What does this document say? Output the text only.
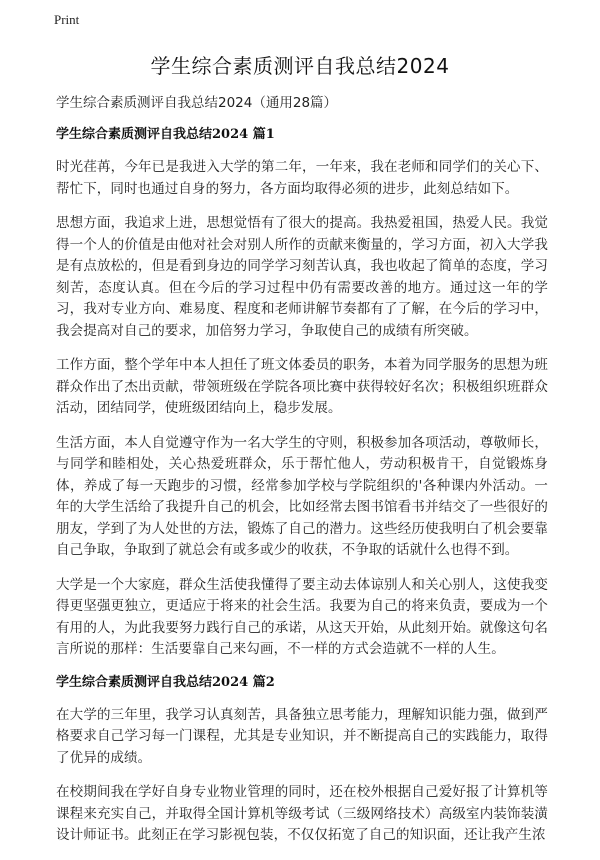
Print
学生综合素质测评自我总结2024

学生综合素质测评自我总结2024（通用28篇）

学生综合素质测评自我总结2024 篇1

时光荏苒，今年已是我进入大学的第二年，一年来，我在老师和同学们的关心下、帮忙下，同时也通过自身的努力，各方面均取得必须的进步，此刻总结如下。

思想方面，我追求上进，思想觉悟有了很大的提高。我热爱祖国，热爱人民。我觉得一个人的价值是由他对社会对别人所作的贡献来衡量的，学习方面，初入大学我是有点放松的，但是看到身边的同学学习刻苦认真，我也收起了简单的态度，学习刻苦，态度认真。但在今后的学习过程中仍有需要改善的地方。通过这一年的学习，我对专业方向、难易度、程度和老师讲解节奏都有了了解，在今后的学习中，我会提高对自己的要求，加倍努力学习，争取使自己的成绩有所突破。

工作方面，整个学年中本人担任了班文体委员的职务，本着为同学服务的思想为班群众作出了杰出贡献，带领班级在学院各项比赛中获得较好名次；积极组织班群众活动，团结同学，使班级团结向上，稳步发展。

生活方面，本人自觉遵守作为一名大学生的守则，积极参加各项活动，尊敬师长，与同学和睦相处，关心热爱班群众，乐于帮忙他人，劳动积极肯干，自觉锻炼身体，养成了每一天跑步的习惯，经常参加学校与学院组织的'各种课内外活动。一年的大学生活给了我提升自己的机会，比如经常去图书馆看书并结交了一些很好的朋友，学到了为人处世的方法，锻炼了自己的潜力。这些经历使我明白了机会要靠自己争取，争取到了就总会有或多或少的收获，不争取的话就什么也得不到。

大学是一个大家庭，群众生活使我懂得了要主动去体谅别人和关心别人，这使我变得更坚强更独立，更适应于将来的社会生活。我要为自己的将来负责，要成为一个有用的人，为此我要努力践行自己的承诺，从这天开始，从此刻开始。就像这句名言所说的那样：生活要靠自己来勾画，不一样的方式会造就不一样的人生。

学生综合素质测评自我总结2024 篇2

在大学的三年里，我学习认真刻苦，具备独立思考能力，理解知识能力强，做到严格要求自己学习每一门课程，尤其是专业知识，并不断提高自己的实践能力，取得了优异的成绩。

在校期间我在学好自身专业物业管理的同时，还在校外根据自己爱好报了计算机等课程来充实自己，并取得全国计算机等级考试（三级网络技术）高级室内装饰装潢设计师证书。此刻正在学习影视包装，不仅仅拓宽了自己的知识面，还让我产生浓
